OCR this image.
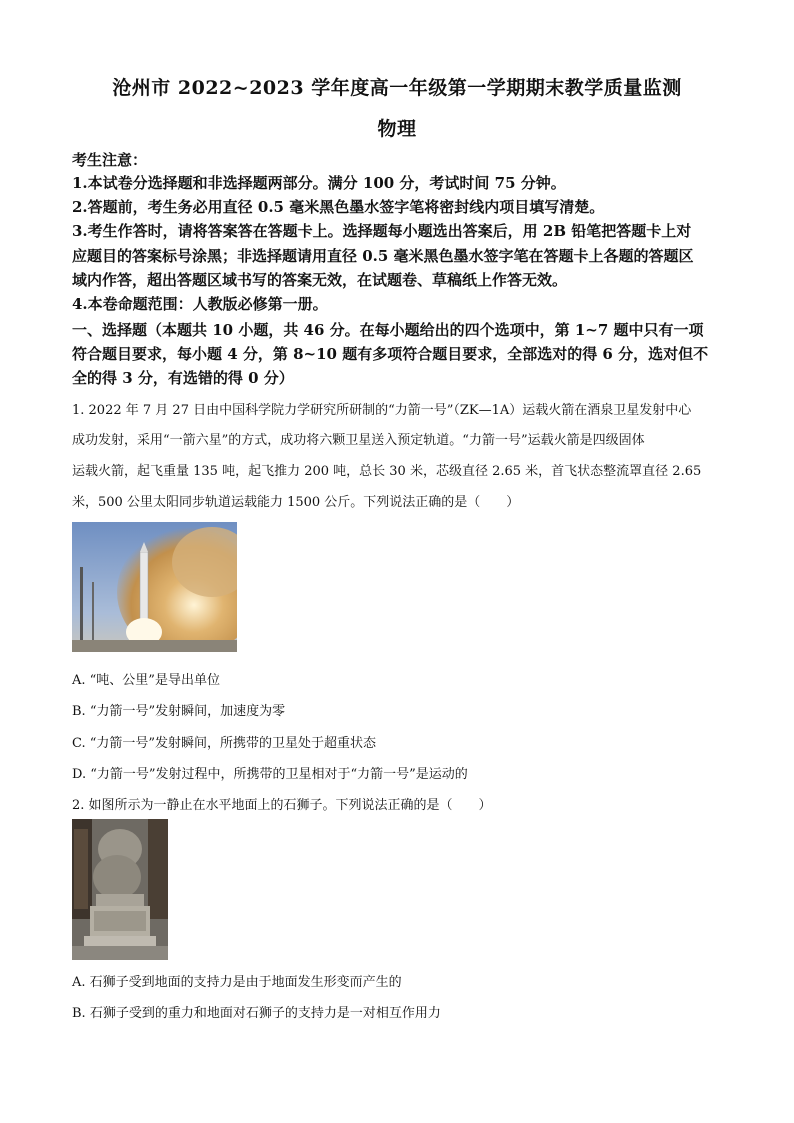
沧州市 2022~2023 学年度高一年级第一学期期末教学质量监测
物理
考生注意：
1.本试卷分选择题和非选择题两部分。满分 100 分，考试时间 75 分钟。
2.答题前，考生务必用直径 0.5 毫米黑色墨水签字笔将密封线内项目填写清楚。
3.考生作答时，请将答案答在答题卡上。选择题每小题选出答案后，用 2B 铅笔把答题卡上对
应题目的答案标号涂黑；非选择题请用直径 0.5 毫米黑色墨水签字笔在答题卡上各题的答题区
域内作答，超出答题区域书写的答案无效，在试题卷、草稿纸上作答无效。
4.本卷命题范围：人教版必修第一册。
一、选择题（本题共 10 小题，共 46 分。在每小题给出的四个选项中，第 1~7 题中只有一项
符合题目要求，每小题 4 分，第 8~10 题有多项符合题目要求，全部选对的得 6 分，选对但不
全的得 3 分，有选错的得 0 分）
1. 2022 年 7 月 27 日由中国科学院力学研究所研制的“力箭一号”（ZK—1A）运载火箭在酒泉卫星发射中心
成功发射，采用“一箭六星”的方式，成功将六颗卫星送入预定轨道。“力箭一号”运载火箭是四级固体
运载火箭，起飞重量 135 吨，起飞推力 200 吨，总长 30 米，芯级直径 2.65 米，首飞状态整流罩直径 2.65
米，500 公里太阳同步轨道运载能力 1500 公斤。下列说法正确的是（　　）
A. “吨、公里”是导出单位
B. “力箭一号”发射瞬间，加速度为零
C. “力箭一号”发射瞬间，所携带的卫星处于超重状态
D. “力箭一号”发射过程中，所携带的卫星相对于“力箭一号”是运动的
2. 如图所示为一静止在水平地面上的石狮子。下列说法正确的是（　　）
A. 石狮子受到地面的支持力是由于地面发生形变而产生的
B. 石狮子受到的重力和地面对石狮子的支持力是一对相互作用力
